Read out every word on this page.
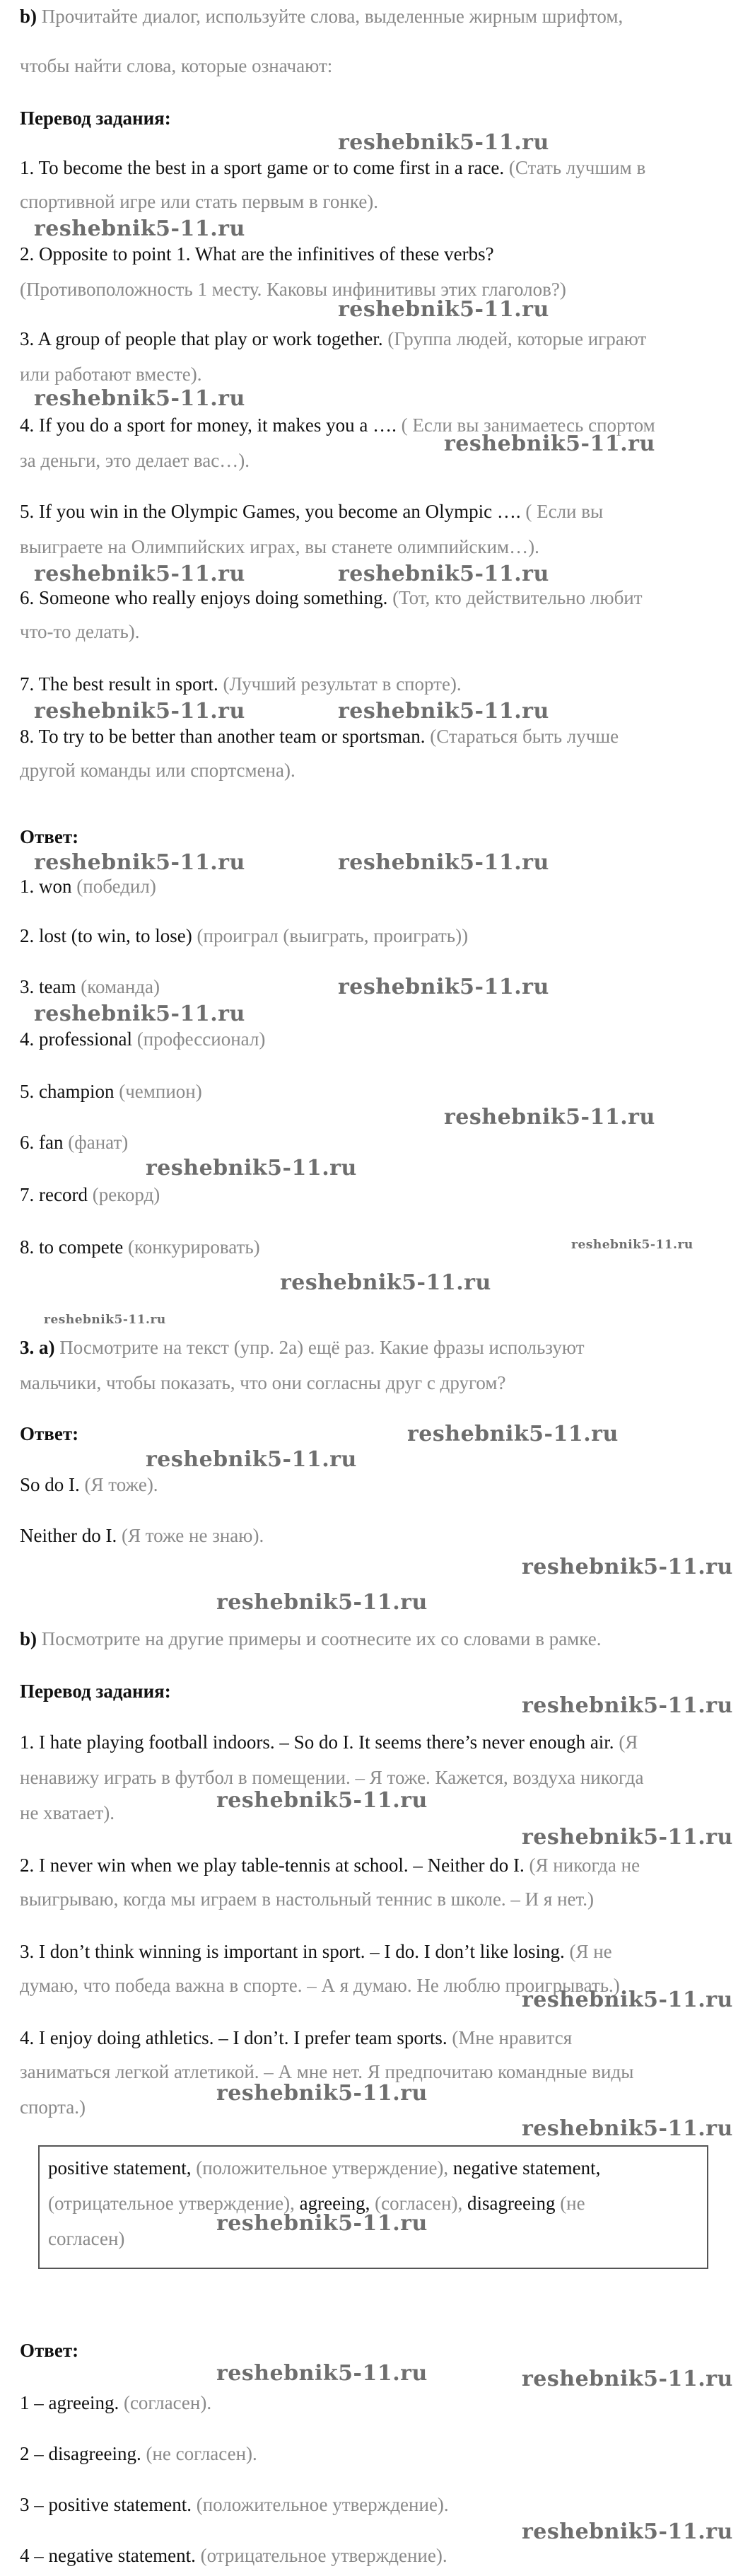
b) Прочитайте диалог, используйте слова, выделенные жирным шрифтом,
чтобы найти слова, которые означают:
Перевод задания:
1. To become the best in a sport game or to come first in a race. (Стать лучшим в
спортивной игре или стать первым в гонке).
2. Opposite to point 1. What are the infinitives of these verbs?
(Противоположность 1 месту. Каковы инфинитивы этих глаголов?)
3. A group of people that play or work together. (Группа людей, которые играют
или работают вместе).
4. If you do a sport for money, it makes you a …. ( Если вы занимаетесь спортом
за деньги, это делает вас…).
5. If you win in the Olympic Games, you become an Olympic …. ( Если вы
выиграете на Олимпийских играх, вы станете олимпийским…).
6. Someone who really enjoys doing something. (Тот, кто действительно любит
что-то делать).
7. The best result in sport. (Лучший результат в спорте).
8. To try to be better than another team or sportsman. (Стараться быть лучше
другой команды или спортсмена).
Ответ:
1. won (победил)
2. lost (to win, to lose) (проиграл (выиграть, проиграть))
3. team (команда)
4. professional (профессионал)
5. champion (чемпион)
6. fan (фанат)
7. record (рекорд)
8. to compete (конкурировать)
3. а) Посмотрите на текст (упр. 2а) ещё раз. Какие фразы используют
мальчики, чтобы показать, что они согласны друг с другом?
Ответ:
So do I. (Я тоже).
Neither do I. (Я тоже не знаю).
b) Посмотрите на другие примеры и соотнесите их со словами в рамке.
Перевод задания:
1. I hate playing football indoors. – So do I. It seems there’s never enough air. (Я
ненавижу играть в футбол в помещении. – Я тоже. Кажется, воздуха никогда
не хватает).
2. I never win when we play table-tennis at school. – Neither do I. (Я никогда не
выигрываю, когда мы играем в настольный теннис в школе. – И я нет.)
3. I don’t think winning is important in sport. – I do. I don’t like losing. (Я не
думаю, что победа важна в спорте. – А я думаю. Не люблю проигрывать.)
4. I enjoy doing athletics. – I don’t. I prefer team sports. (Мне нравится
заниматься легкой атлетикой. – А мне нет. Я предпочитаю командные виды
спорта.)
positive statement, (положительное утверждение), negative statement,
(отрицательное утверждение), agreeing, (согласен), disagreeing (не
согласен)
Ответ:
1 – agreeing. (согласен).
2 – disagreeing. (не согласен).
3 – positive statement. (положительное утверждение).
4 – negative statement. (отрицательное утверждение).
reshebnik5-11.ru
reshebnik5-11.ru
reshebnik5-11.ru
reshebnik5-11.ru
reshebnik5-11.ru
reshebnik5-11.ru	reshebnik5-11.ru
reshebnik5-11.ru	reshebnik5-11.ru
reshebnik5-11.ru	reshebnik5-11.ru
reshebnik5-11.ru
reshebnik5-11.ru
reshebnik5-11.ru
reshebnik5-11.ru
reshebnik5-11.ru
reshebnik5-11.ru
reshebnik5-11.ru
reshebnik5-11.ru
reshebnik5-11.ru
reshebnik5-11.ru
reshebnik5-11.ru
reshebnik5-11.ru
reshebnik5-11.ru
reshebnik5-11.ru
reshebnik5-11.ru
reshebnik5-11.ru
reshebnik5-11.ru
reshebnik5-11.ru
reshebnik5-11.ru	reshebnik5-11.ru
reshebnik5-11.ru
